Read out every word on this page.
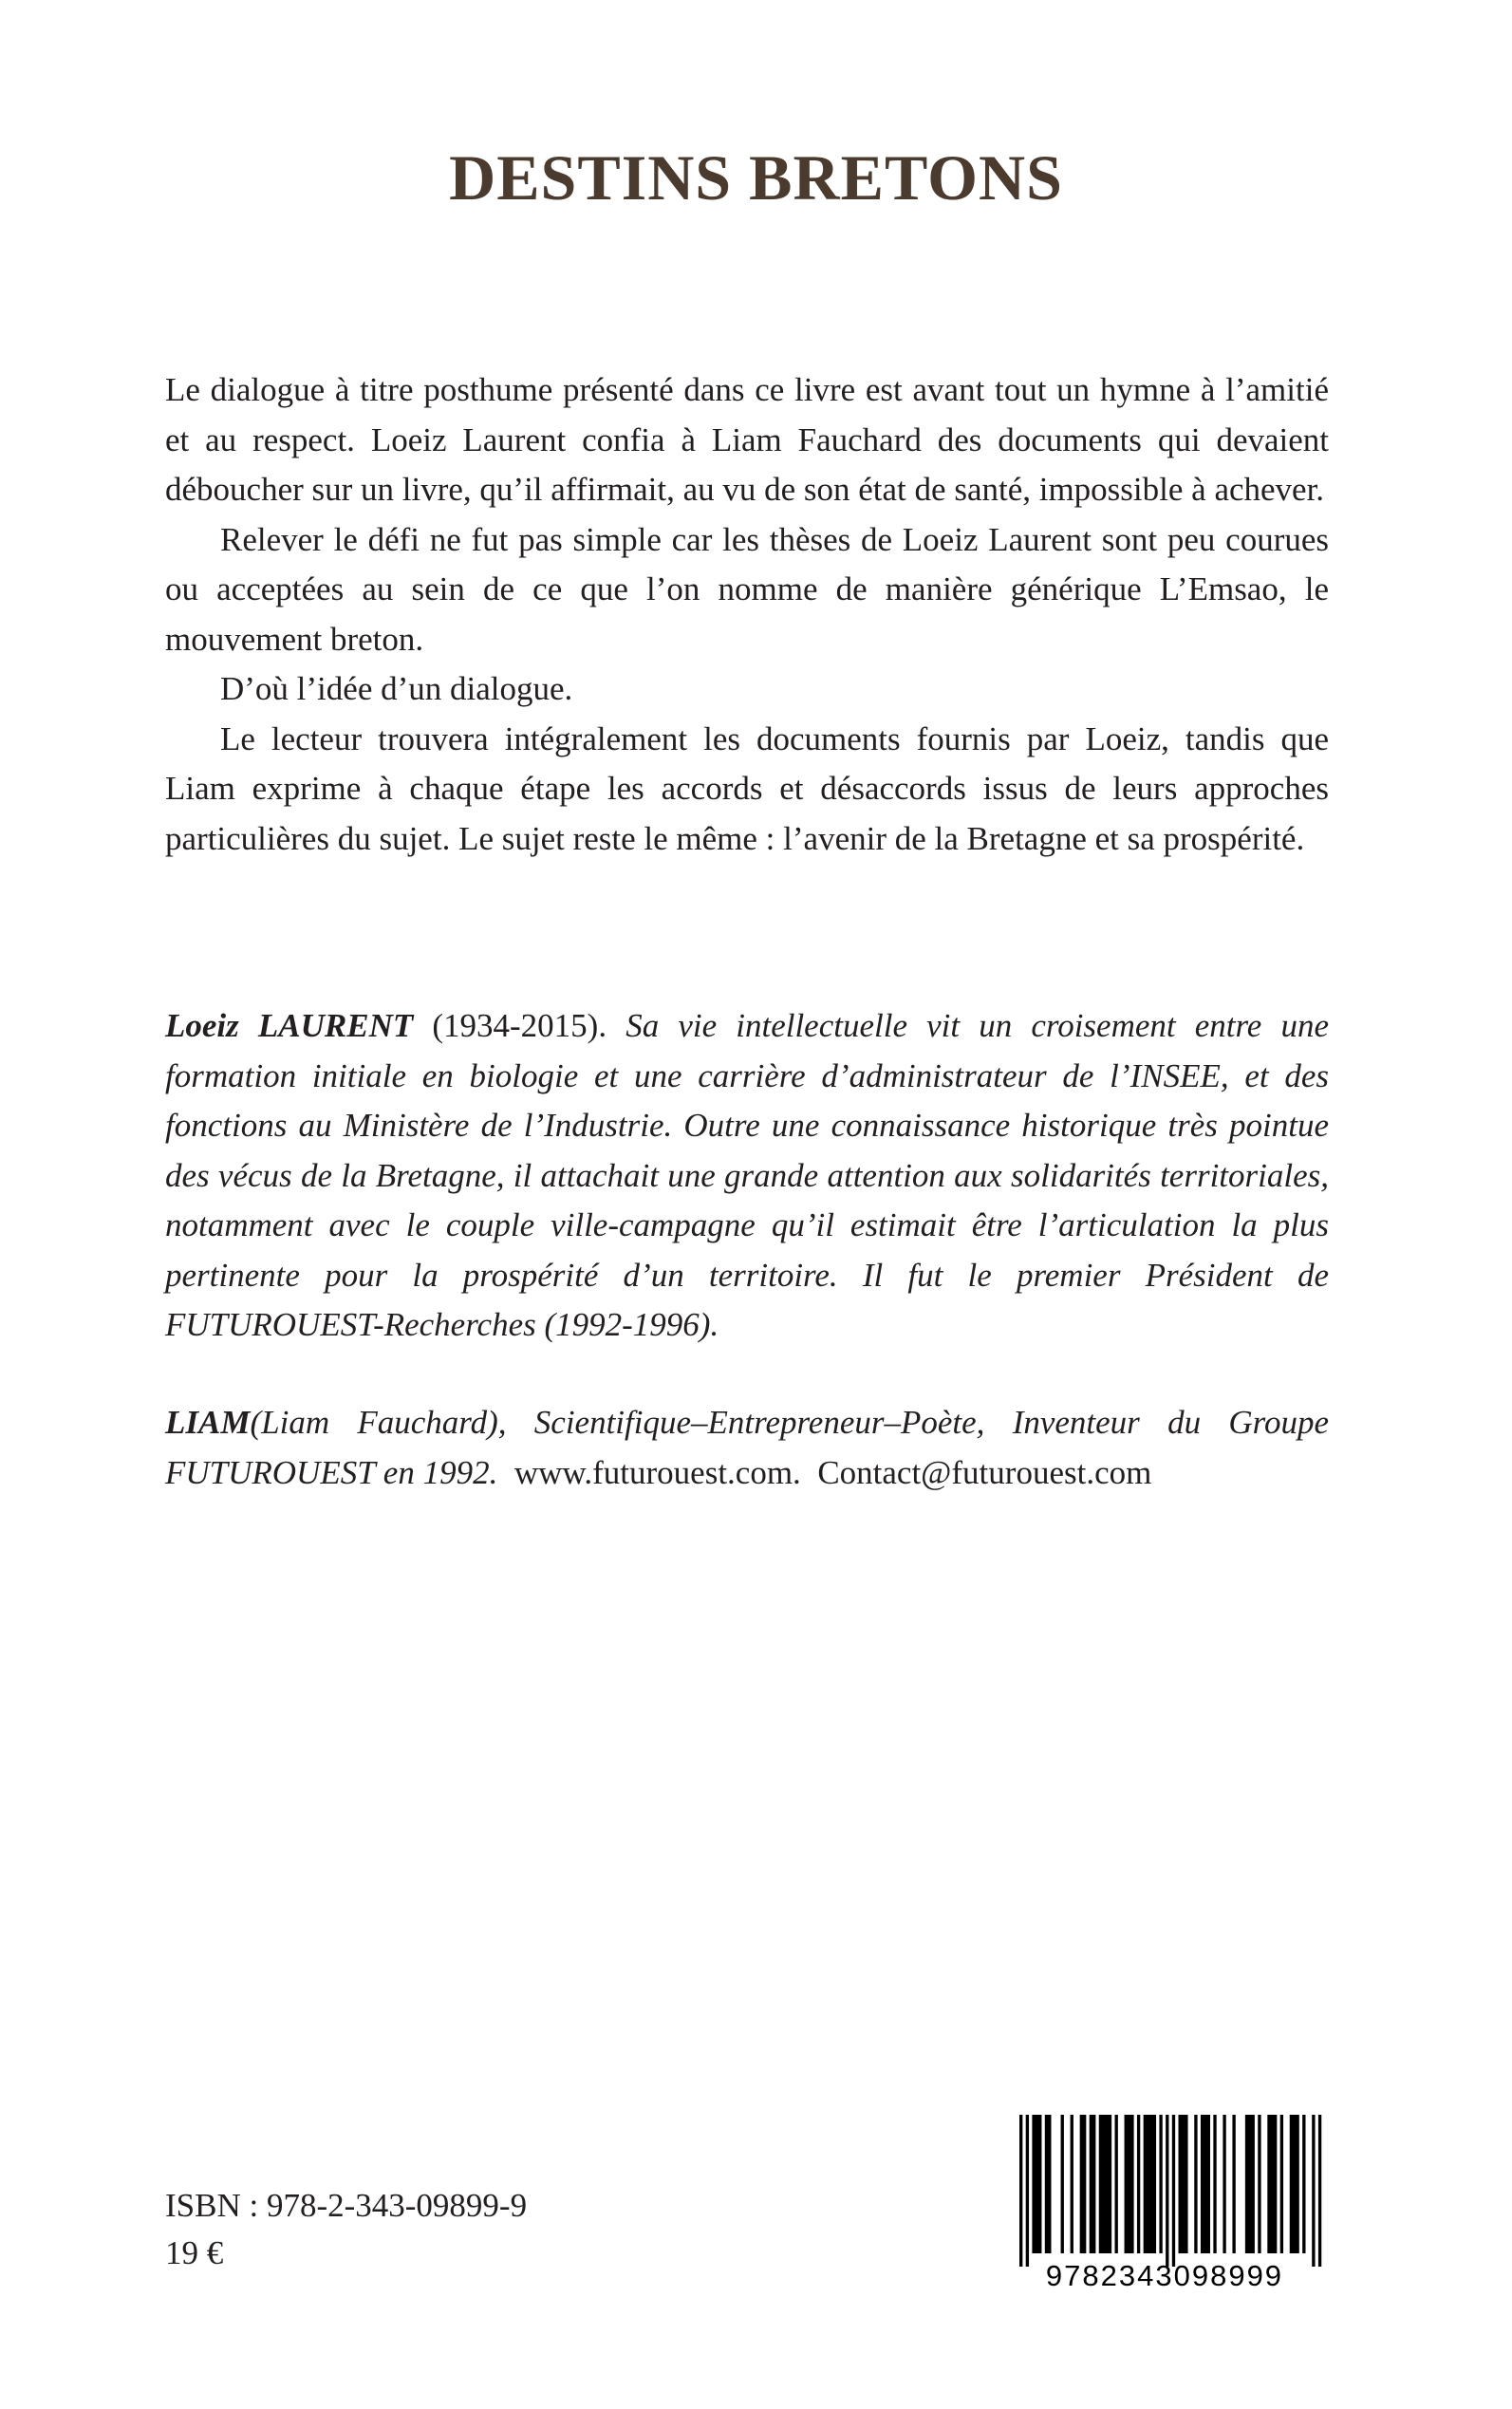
DESTINS BRETONS

Le dialogue à titre posthume présenté dans ce livre est avant tout un hymne à l’amitié et au respect. Loeiz Laurent confia à Liam Fauchard des documents qui devaient déboucher sur un livre, qu’il affirmait, au vu de son état de santé, impossible à achever.

Relever le défi ne fut pas simple car les thèses de Loeiz Laurent sont peu courues ou acceptées au sein de ce que l’on nomme de manière générique L’Emsao, le mouvement breton.

D’où l’idée d’un dialogue.

Le lecteur trouvera intégralement les documents fournis par Loeiz, tandis que Liam exprime à chaque étape les accords et désaccords issus de leurs approches particulières du sujet. Le sujet reste le même : l’avenir de la Bretagne et sa prospérité.

Loeiz LAURENT (1934-2015). Sa vie intellectuelle vit un croisement entre une formation initiale en biologie et une carrière d’administrateur de l’INSEE, et des fonctions au Ministère de l’Industrie. Outre une connaissance historique très pointue des vécus de la Bretagne, il attachait une grande attention aux solidarités territoriales, notamment avec le couple ville-campagne qu’il estimait être l’articulation la plus pertinente pour la prospérité d’un territoire. Il fut le premier Président de FUTUROUEST-Recherches (1992-1996).

LIAM(Liam Fauchard), Scientifique–Entrepreneur–Poète, Inventeur du Groupe FUTUROUEST en 1992. www.futurouest.com. Contact@futurouest.com

ISBN : 978-2-343-09899-9
19 €
9782343098999
